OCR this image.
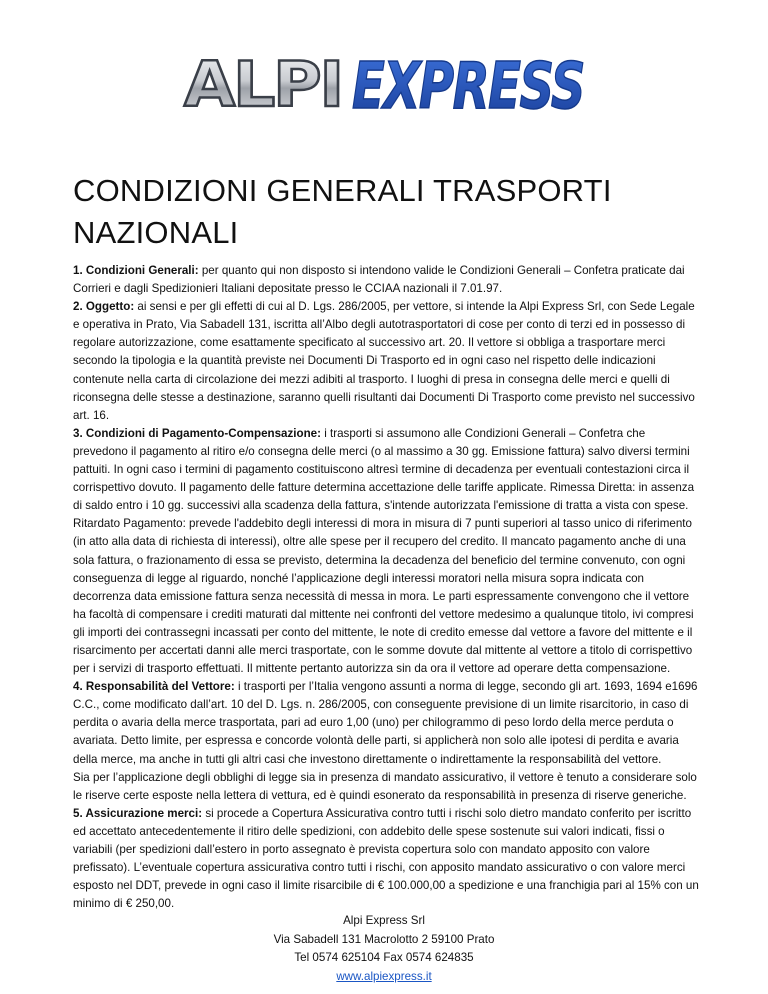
ALPI EXPRESS
CONDIZIONI GENERALI TRASPORTI NAZIONALI

1. Condizioni Generali: per quanto qui non disposto si intendono valide le Condizioni Generali – Confetra praticate dai Corrieri e dagli Spedizionieri Italiani depositate presso le CCIAA nazionali il 7.01.97.

2. Oggetto: ai sensi e per gli effetti di cui al D. Lgs. 286/2005, per vettore, si intende la Alpi Express Srl, con Sede Legale e operativa in Prato, Via Sabadell 131, iscritta all’Albo degli autotrasportatori di cose per conto di terzi ed in possesso di regolare autorizzazione, come esattamente specificato al successivo art. 20. Il vettore si obbliga a trasportare merci secondo la tipologia e la quantità previste nei Documenti Di Trasporto ed in ogni caso nel rispetto delle indicazioni contenute nella carta di circolazione dei mezzi adibiti al trasporto. I luoghi di presa in consegna delle merci e quelli di riconsegna delle stesse a destinazione, saranno quelli risultanti dai Documenti Di Trasporto come previsto nel successivo art. 16.

3. Condizioni di Pagamento-Compensazione: i trasporti si assumono alle Condizioni Generali – Confetra che prevedono il pagamento al ritiro e/o consegna delle merci (o al massimo a 30 gg. Emissione fattura) salvo diversi termini pattuiti. In ogni caso i termini di pagamento costituiscono altresì termine di decadenza per eventuali contestazioni circa il corrispettivo dovuto. Il pagamento delle fatture determina accettazione delle tariffe applicate. Rimessa Diretta: in assenza di saldo entro i 10 gg. successivi alla scadenza della fattura, s'intende autorizzata l'emissione di tratta a vista con spese.

Ritardato Pagamento: prevede l'addebito degli interessi di mora in misura di 7 punti superiori al tasso unico di riferimento (in atto alla data di richiesta di interessi), oltre alle spese per il recupero del credito. Il mancato pagamento anche di una sola fattura, o frazionamento di essa se previsto, determina la decadenza del beneficio del termine convenuto, con ogni conseguenza di legge al riguardo, nonché l’applicazione degli interessi moratori nella misura sopra indicata con decorrenza data emissione fattura senza necessità di messa in mora. Le parti espressamente convengono che il vettore ha facoltà di compensare i crediti maturati dal mittente nei confronti del vettore medesimo a qualunque titolo, ivi compresi gli importi dei contrassegni incassati per conto del mittente, le note di credito emesse dal vettore a favore del mittente e il risarcimento per accertati danni alle merci trasportate, con le somme dovute dal mittente al vettore a titolo di corrispettivo per i servizi di trasporto effettuati. Il mittente pertanto autorizza sin da ora il vettore ad operare detta compensazione.

4. Responsabilità del Vettore: i trasporti per l’Italia vengono assunti a norma di legge, secondo gli art. 1693, 1694 e1696 C.C., come modificato dall’art. 10 del D. Lgs. n. 286/2005, con conseguente previsione di un limite risarcitorio, in caso di perdita o avaria della merce trasportata, pari ad euro 1,00 (uno) per chilogrammo di peso lordo della merce perduta o avariata. Detto limite, per espressa e concorde volontà delle parti, si applicherà non solo alle ipotesi di perdita e avaria della merce, ma anche in tutti gli altri casi che investono direttamente o indirettamente la responsabilità del vettore.

Sia per l’applicazione degli obblighi di legge sia in presenza di mandato assicurativo, il vettore è tenuto a considerare solo le riserve certe esposte nella lettera di vettura, ed è quindi esonerato da responsabilità in presenza di riserve generiche.

5. Assicurazione merci: si procede a Copertura Assicurativa contro tutti i rischi solo dietro mandato conferito per iscritto ed accettato antecedentemente il ritiro delle spedizioni, con addebito delle spese sostenute sui valori indicati, fissi o variabili (per spedizioni dall’estero in porto assegnato è prevista copertura solo con mandato apposito con valore prefissato). L’eventuale copertura assicurativa contro tutti i rischi, con apposito mandato assicurativo o con valore merci esposto nel DDT, prevede in ogni caso il limite risarcibile di € 100.000,00 a spedizione e una franchigia pari al 15% con un minimo di € 250,00.

Alpi Express Srl
Via Sabadell 131 Macrolotto 2 59100 Prato
Tel 0574 625104 Fax 0574 624835
www.alpiexpress.it
